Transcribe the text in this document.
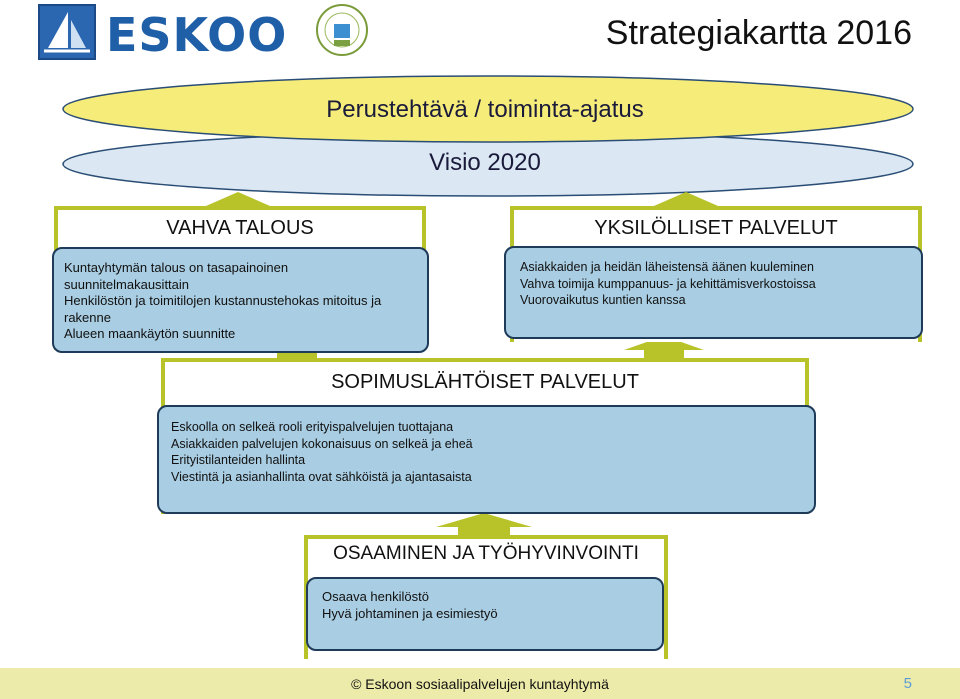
ESKOO	Strategiakartta 2016
Perustehtävä / toiminta-ajatus
Visio 2020
VAHVA TALOUS
Kuntayhtymän talous on tasapainoinen
suunnitelmakausittain
Henkilöstön ja toimitilojen kustannustehokas mitoitus ja
rakenne
Alueen maankäytön suunnitte
YKSILÖLLISET PALVELUT
Asiakkaiden ja heidän läheistensä äänen kuuleminen
Vahva toimija kumppanuus- ja kehittämisverkostoissa
Vuorovaikutus kuntien kanssa
SOPIMUSLÄHTÖISET PALVELUT
Eskoolla on selkeä rooli erityispalvelujen tuottajana
Asiakkaiden palvelujen kokonaisuus on selkeä ja eheä
Erityistilanteiden hallinta
Viestintä ja asianhallinta ovat sähköistä ja ajantasaista
OSAAMINEN JA TYÖHYVINVOINTI
Osaava henkilöstö
Hyvä johtaminen ja esimiestyö
© Eskoon sosiaalipalvelujen kuntayhtymä	5
